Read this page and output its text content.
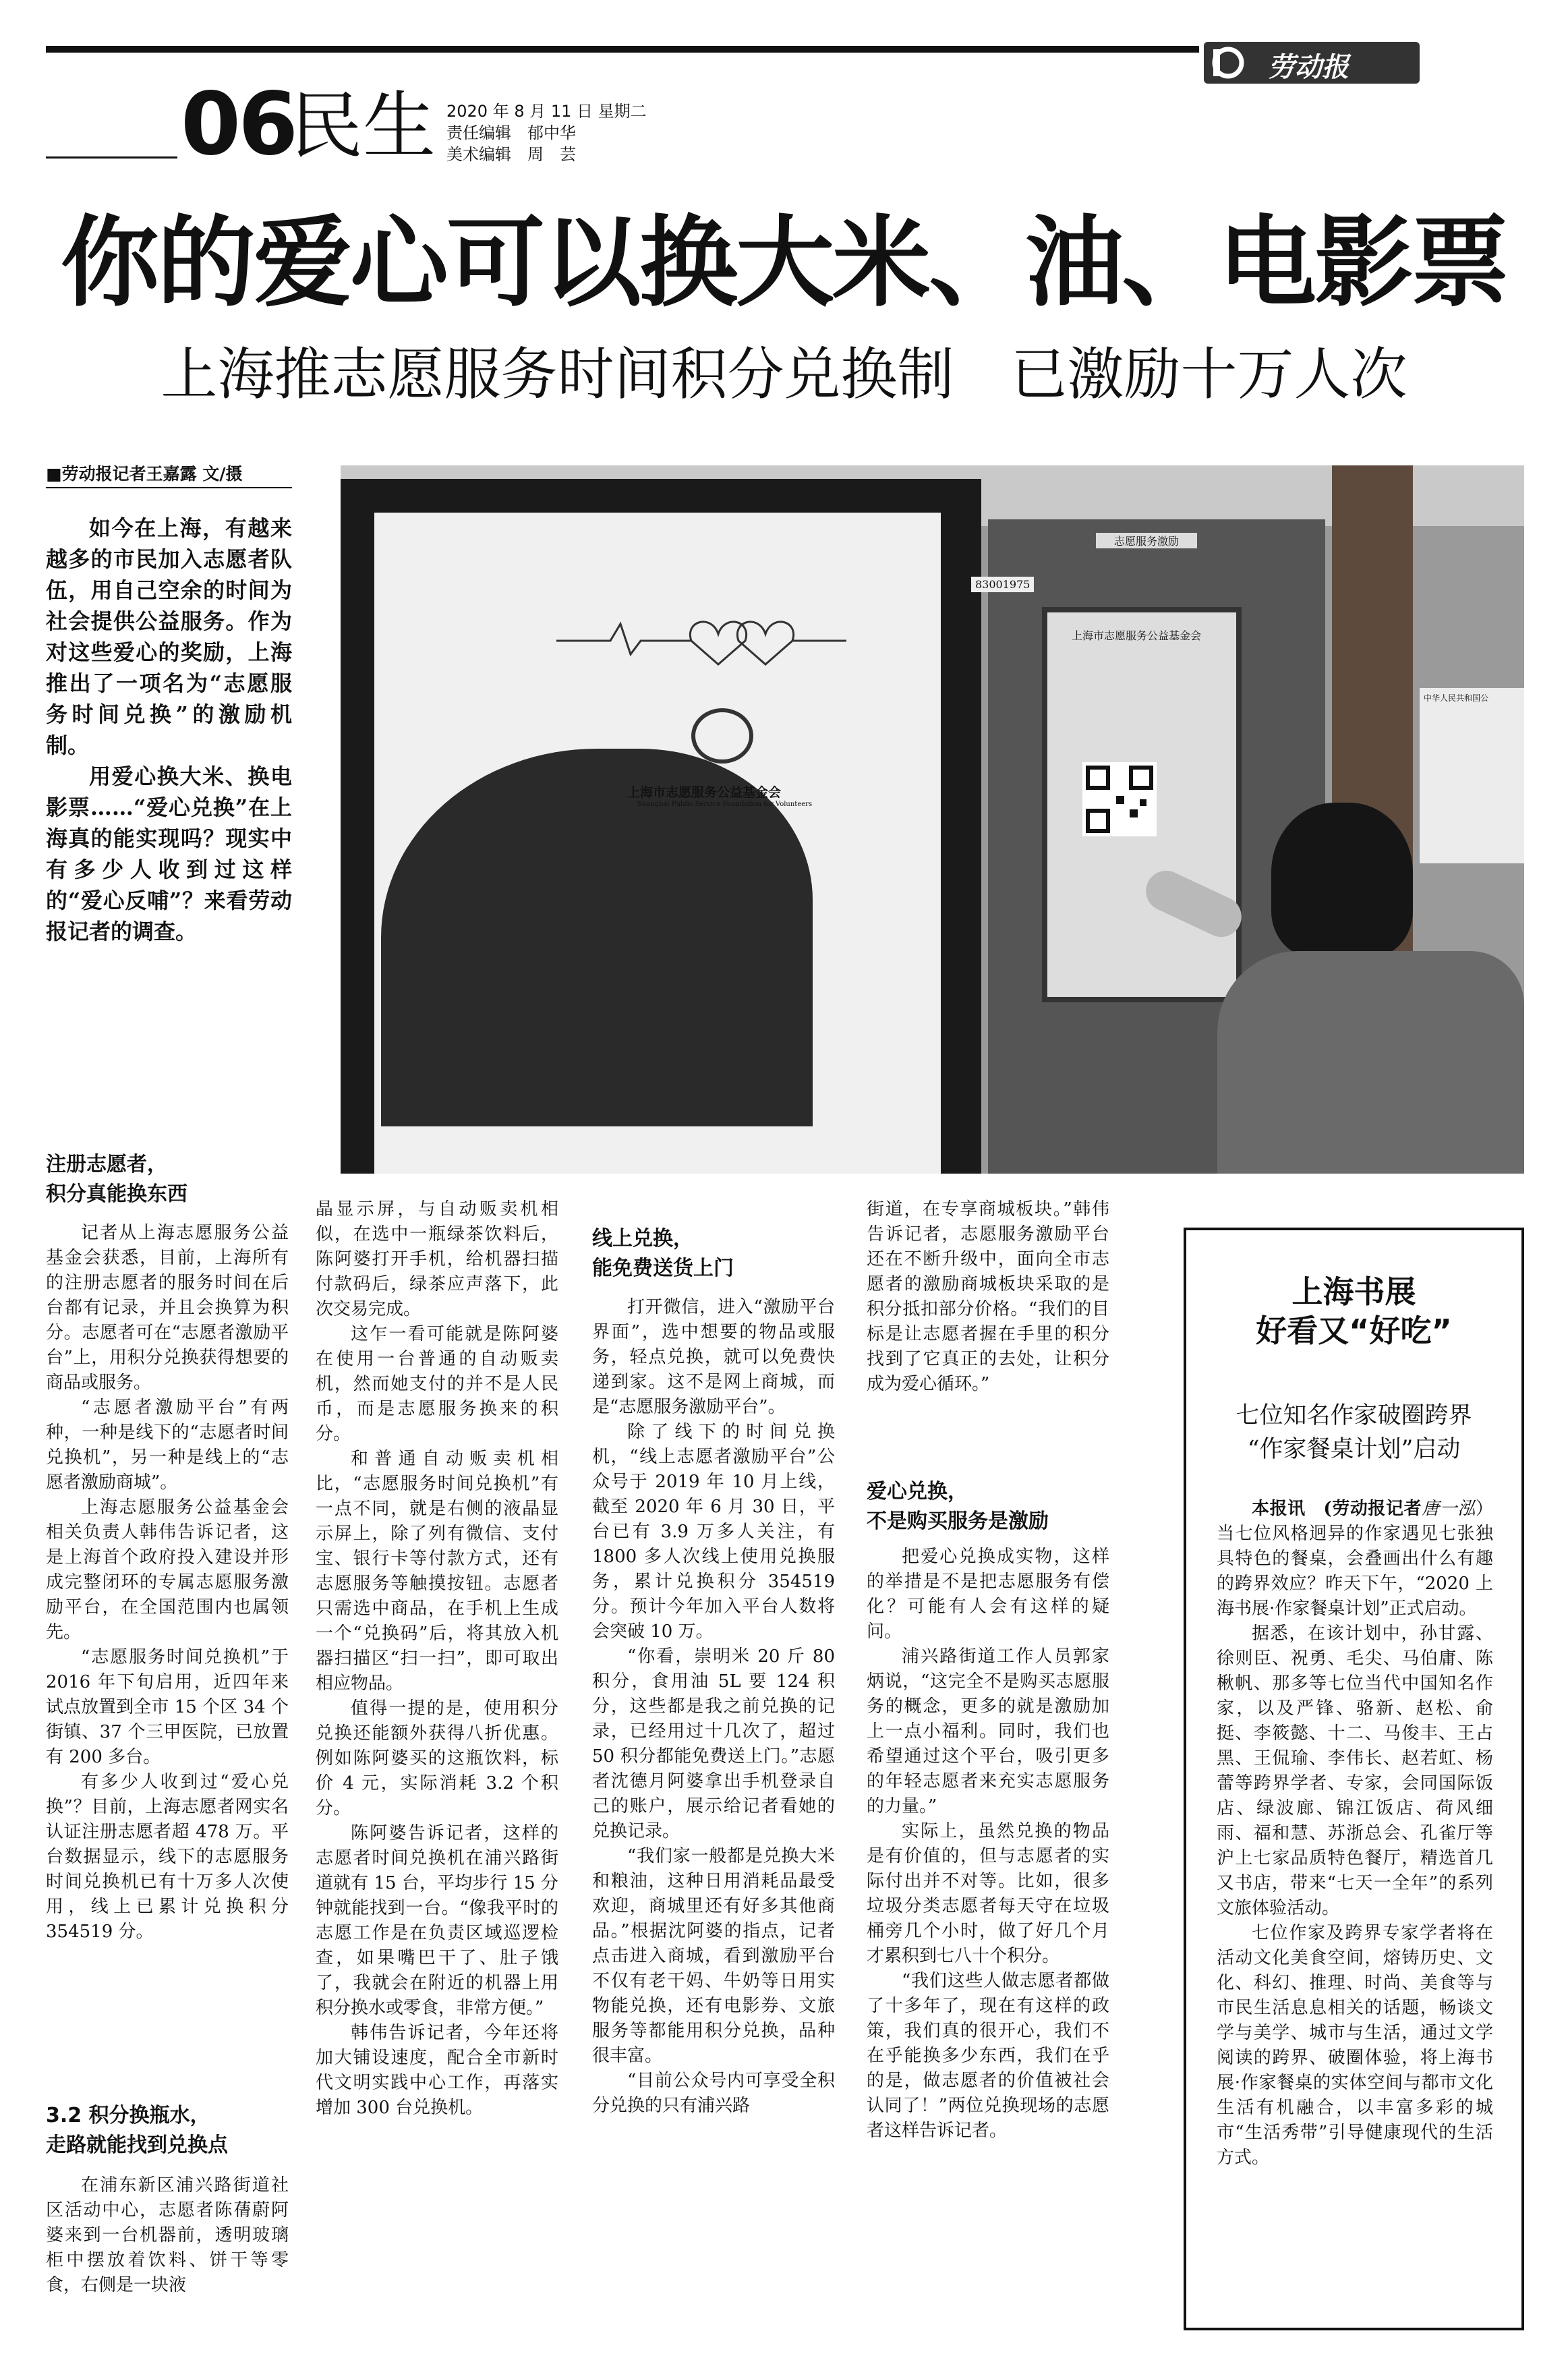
劳动报
06
民生 2020 年 8 月 11 日 星期二
责任编辑　郁中华
美术编辑　周　芸
你的爱心可以换大米、油、电影票
上海推志愿服务时间积分兑换制　已激励十万人次
■劳动报记者王嘉露 文/摄

如今在上海，有越来越多的市民加入志愿者队伍，用自己空余的时间为社会提供公益服务。作为对这些爱心的奖励，上海推出了一项名为“志愿服务时间兑换”的激励机制。

用爱心换大米、换电影票……“爱心兑换”在上海真的能实现吗？现实中有多少人收到过这样的“爱心反哺”？来看劳动报记者的调查。

上海市志愿服务公益基金会
Shanghai Public Service Foundation for Volunteers
志愿服务激励
83001975
上海市志愿服务公益基金会
中华人民共和国公
注册志愿者，
积分真能换东西

记者从上海志愿服务公益基金会获悉，目前，上海所有的注册志愿者的服务时间在后台都有记录，并且会换算为积分。志愿者可在“志愿者激励平台”上，用积分兑换获得想要的商品或服务。

“志愿者激励平台”有两种，一种是线下的“志愿者时间兑换机”，另一种是线上的“志愿者激励商城”。

上海志愿服务公益基金会相关负责人韩伟告诉记者，这是上海首个政府投入建设并形成完整闭环的专属志愿服务激励平台，在全国范围内也属领先。

“志愿服务时间兑换机”于 2016 年下旬启用，近四年来试点放置到全市 15 个区 34 个街镇、37 个三甲医院，已放置有 200 多台。

有多少人收到过“爱心兑换”？目前，上海志愿者网实名认证注册志愿者超 478 万。平台数据显示，线下的志愿服务时间兑换机已有十万多人次使用，线上已累计兑换积分 354519 分。

3.2 积分换瓶水，
走路就能找到兑换点

在浦东新区浦兴路街道社区活动中心，志愿者陈蒨蔚阿婆来到一台机器前，透明玻璃柜中摆放着饮料、饼干等零食，右侧是一块液

晶显示屏，与自动贩卖机相似，在选中一瓶绿茶饮料后，陈阿婆打开手机，给机器扫描付款码后，绿茶应声落下，此次交易完成。

这乍一看可能就是陈阿婆在使用一台普通的自动贩卖机，然而她支付的并不是人民币，而是志愿服务换来的积分。

和普通自动贩卖机相比，“志愿服务时间兑换机”有一点不同，就是右侧的液晶显示屏上，除了列有微信、支付宝、银行卡等付款方式，还有志愿服务等触摸按钮。志愿者只需选中商品，在手机上生成一个“兑换码”后，将其放入机器扫描区“扫一扫”，即可取出相应物品。

值得一提的是，使用积分兑换还能额外获得八折优惠。例如陈阿婆买的这瓶饮料，标价 4 元，实际消耗 3.2 个积分。

陈阿婆告诉记者，这样的志愿者时间兑换机在浦兴路街道就有 15 台，平均步行 15 分钟就能找到一台。“像我平时的志愿工作是在负责区域巡逻检查，如果嘴巴干了、肚子饿了，我就会在附近的机器上用积分换水或零食，非常方便。”

韩伟告诉记者，今年还将加大铺设速度，配合全市新时代文明实践中心工作，再落实增加 300 台兑换机。

线上兑换，
能免费送货上门

打开微信，进入“激励平台界面”，选中想要的物品或服务，轻点兑换，就可以免费快递到家。这不是网上商城，而是“志愿服务激励平台”。

除了线下的时间兑换机，“线上志愿者激励平台”公众号于 2019 年 10 月上线，截至 2020 年 6 月 30 日，平台已有 3.9 万多人关注，有 1800 多人次线上使用兑换服务，累计兑换积分 354519 分。预计今年加入平台人数将会突破 10 万。

“你看，崇明米 20 斤 80 积分，食用油 5L 要 124 积分，这些都是我之前兑换的记录，已经用过十几次了，超过 50 积分都能免费送上门。”志愿者沈德月阿婆拿出手机登录自己的账户，展示给记者看她的兑换记录。

“我们家一般都是兑换大米和粮油，这种日用消耗品最受欢迎，商城里还有好多其他商品。”根据沈阿婆的指点，记者点击进入商城，看到激励平台不仅有老干妈、牛奶等日用实物能兑换，还有电影券、文旅服务等都能用积分兑换，品种很丰富。

“目前公众号内可享受全积分兑换的只有浦兴路

街道，在专享商城板块。”韩伟告诉记者，志愿服务激励平台还在不断升级中，面向全市志愿者的激励商城板块采取的是积分抵扣部分价格。“我们的目标是让志愿者握在手里的积分找到了它真正的去处，让积分成为爱心循环。”

爱心兑换，
不是购买服务是激励

把爱心兑换成实物，这样的举措是不是把志愿服务有偿化？可能有人会有这样的疑问。

浦兴路街道工作人员郭家炳说，“这完全不是购买志愿服务的概念，更多的就是激励加上一点小福利。同时，我们也希望通过这个平台，吸引更多的年轻志愿者来充实志愿服务的力量。”

实际上，虽然兑换的物品是有价值的，但与志愿者的实际付出并不对等。比如，很多垃圾分类志愿者每天守在垃圾桶旁几个小时，做了好几个月才累积到七八十个积分。

“我们这些人做志愿者都做了十多年了，现在有这样的政策，我们真的很开心，我们不在乎能换多少东西，我们在乎的是，做志愿者的价值被社会认同了！”两位兑换现场的志愿者这样告诉记者。

上海书展
好看又“好吃”
七位知名作家破圈跨界
“作家餐桌计划”启动

本报讯　(劳动报记者唐一泓）当七位风格迥异的作家遇见七张独具特色的餐桌，会叠画出什么有趣的跨界效应？昨天下午，“2020 上海书展·作家餐桌计划”正式启动。

据悉，在该计划中，孙甘露、徐则臣、祝勇、毛尖、马伯庸、陈楸帆、那多等七位当代中国知名作家，以及严锋、骆新、赵松、俞挺、李筱懿、十二、马俊丰、王占黑、王侃瑜、李伟长、赵若虹、杨蕾等跨界学者、专家，会同国际饭店、绿波廊、锦江饭店、荷风细雨、福和慧、苏浙总会、孔雀厅等沪上七家品质特色餐厅，精选首几又书店，带来“七天一全年”的系列文旅体验活动。

七位作家及跨界专家学者将在活动文化美食空间，熔铸历史、文化、科幻、推理、时尚、美食等与市民生活息息相关的话题，畅谈文学与美学、城市与生活，通过文学阅读的跨界、破圈体验，将上海书展·作家餐桌的实体空间与都市文化生活有机融合，以丰富多彩的城市“生活秀带”引导健康现代的生活方式。
